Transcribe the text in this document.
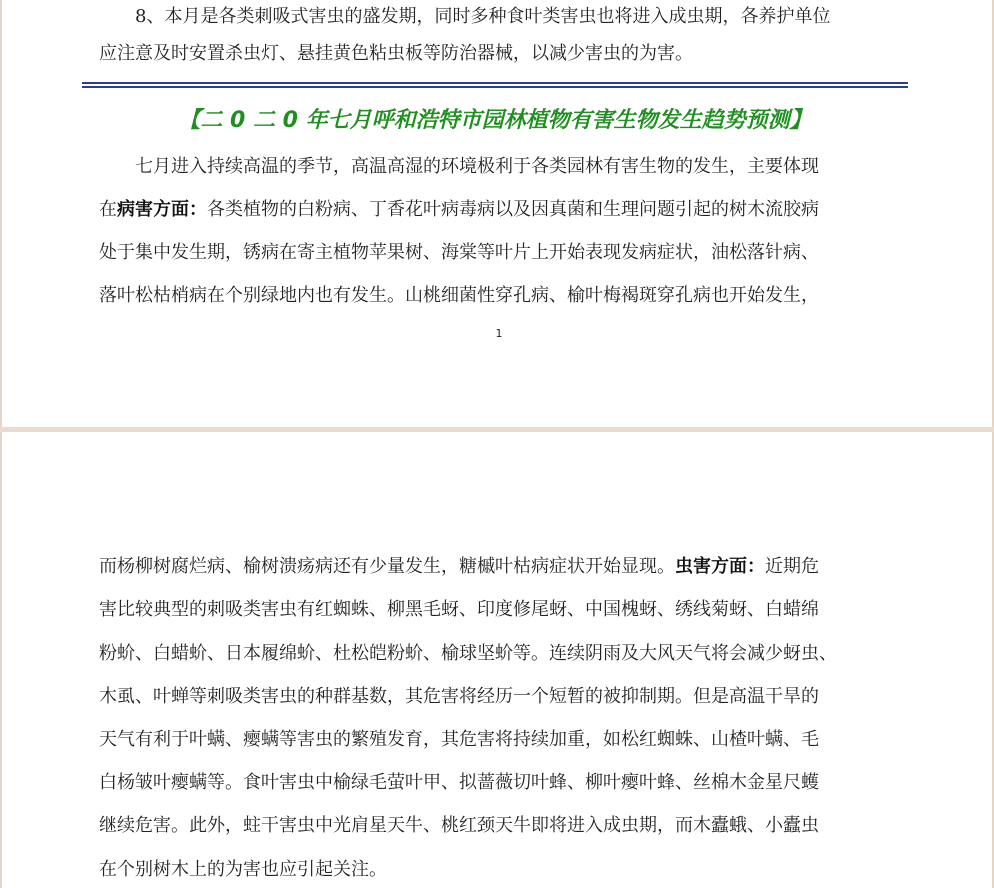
　　8、本月是各类刺吸式害虫的盛发期，同时多种食叶类害虫也将进入成虫期，各养护单位
应注意及时安置杀虫灯、悬挂黄色粘虫板等防治器械，以减少害虫的为害。
【二 0 二 0 年七月呼和浩特市园林植物有害生物发生趋势预测】
　　七月进入持续高温的季节，高温高湿的环境极利于各类园林有害生物的发生，主要体现
在病害方面：各类植物的白粉病、丁香花叶病毒病以及因真菌和生理问题引起的树木流胶病
处于集中发生期，锈病在寄主植物苹果树、海棠等叶片上开始表现发病症状，油松落针病、
落叶松枯梢病在个别绿地内也有发生。山桃细菌性穿孔病、榆叶梅褐斑穿孔病也开始发生，
1
而杨柳树腐烂病、榆树溃疡病还有少量发生，糖槭叶枯病症状开始显现。虫害方面：近期危
害比较典型的刺吸类害虫有红蜘蛛、柳黑毛蚜、印度修尾蚜、中国槐蚜、绣线菊蚜、白蜡绵
粉蚧、白蜡蚧、日本履绵蚧、杜松皑粉蚧、榆球坚蚧等。连续阴雨及大风天气将会减少蚜虫、
木虱、叶蝉等刺吸类害虫的种群基数，其危害将经历一个短暂的被抑制期。但是高温干旱的
天气有利于叶螨、瘿螨等害虫的繁殖发育，其危害将持续加重，如松红蜘蛛、山楂叶螨、毛
白杨皱叶瘿螨等。食叶害虫中榆绿毛萤叶甲、拟蔷薇切叶蜂、柳叶瘿叶蜂、丝棉木金星尺蠖
继续危害。此外，蛀干害虫中光肩星天牛、桃红颈天牛即将进入成虫期，而木蠹蛾、小蠹虫
在个别树木上的为害也应引起关注。
